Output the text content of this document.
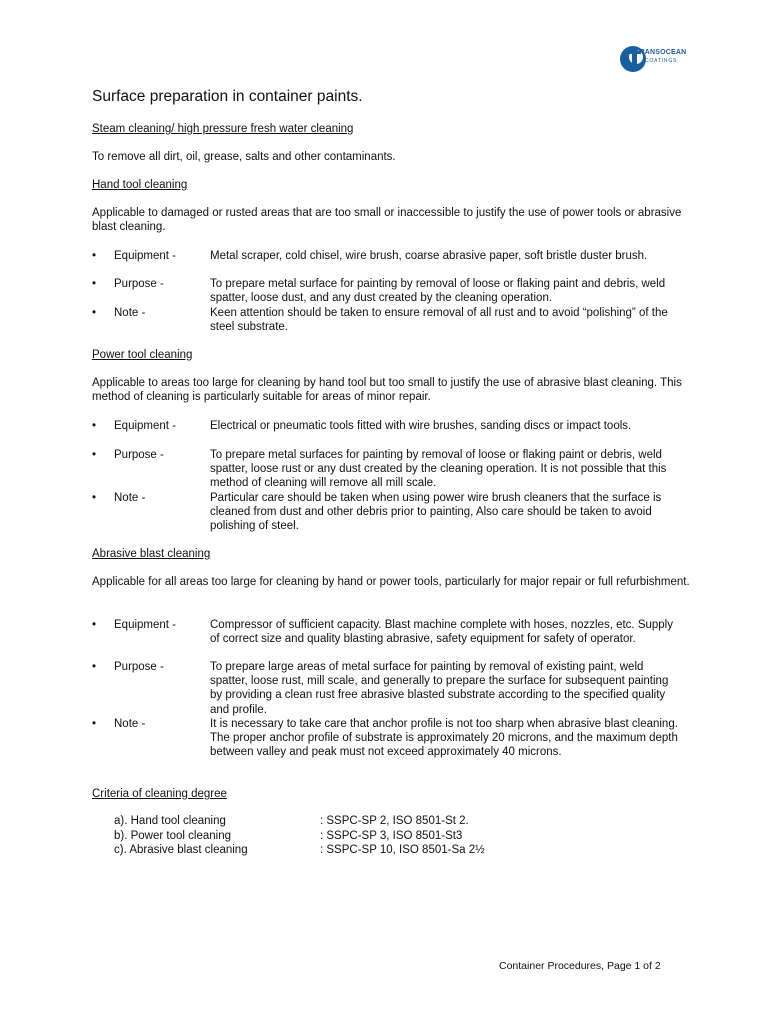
TRANSOCEAN
COATINGS
Surface preparation in container paints.
Steam cleaning/ high pressure fresh water cleaning
To remove all dirt, oil, grease, salts and other contaminants.
Hand tool cleaning
Applicable to damaged or rusted areas that are too small or inaccessible to justify the use of power tools or abrasive blast cleaning.
• Equipment -	Metal scraper, cold chisel, wire brush, coarse abrasive paper, soft bristle duster brush.
• Purpose -	To prepare metal surface for painting by removal of loose or flaking paint and debris, weld spatter, loose dust, and any dust created by the cleaning operation.
• Note -	Keen attention should be taken to ensure removal of all rust and to avoid “polishing” of the steel substrate.
Power tool cleaning
Applicable to areas too large for cleaning by hand tool but too small to justify the use of abrasive blast cleaning. This method of cleaning is particularly suitable for areas of minor repair.
• Equipment -	Electrical or pneumatic tools fitted with wire brushes, sanding discs or impact tools.
• Purpose -	To prepare metal surfaces for painting by removal of loose or flaking paint or debris, weld spatter, loose rust or any dust created by the cleaning operation. It is not possible that this method of cleaning will remove all mill scale.
• Note -	Particular care should be taken when using power wire brush cleaners that the surface is cleaned from dust and other debris prior to painting, Also care should be taken to avoid polishing of steel.
Abrasive blast cleaning
Applicable for all areas too large for cleaning by hand or power tools, particularly for major repair or full refurbishment.
• Equipment -	Compressor of sufficient capacity. Blast machine complete with hoses, nozzles, etc. Supply of correct size and quality blasting abrasive, safety equipment for safety of operator.
• Purpose -	To prepare large areas of metal surface for painting by removal of existing paint, weld spatter, loose rust, mill scale, and generally to prepare the surface for subsequent painting by providing a clean rust free abrasive blasted substrate according to the specified quality and profile.
• Note -	It is necessary to take care that anchor profile is not too sharp when abrasive blast cleaning. The proper anchor profile of substrate is approximately 20 microns, and the maximum depth between valley and peak must not exceed approximately 40 microns.
Criteria of cleaning degree
a). Hand tool cleaning	: SSPC-SP 2, ISO 8501-St 2.
b). Power tool cleaning	: SSPC-SP 3, ISO 8501-St3
c). Abrasive blast cleaning	: SSPC-SP 10, ISO 8501-Sa 2½
Container Procedures, Page 1 of 2
